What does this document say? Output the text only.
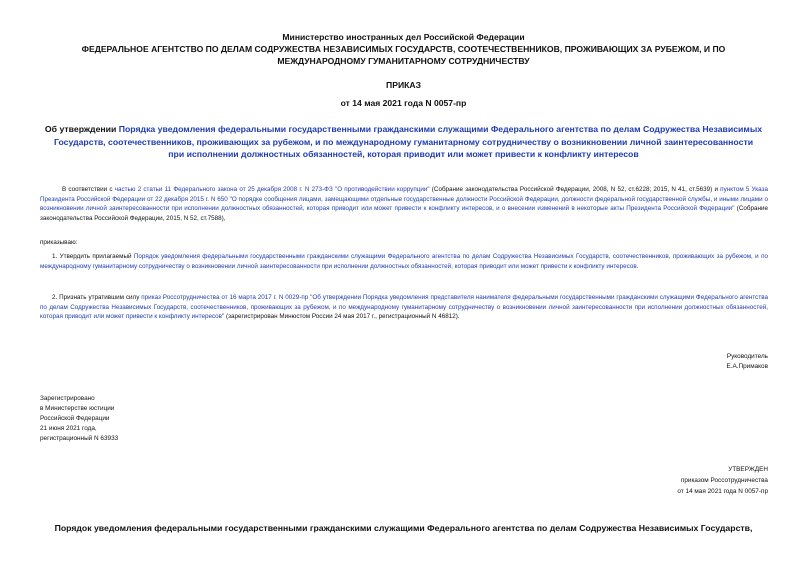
Министерство иностранных дел Российской Федерации
ФЕДЕРАЛЬНОЕ АГЕНТСТВО ПО ДЕЛАМ СОДРУЖЕСТВА НЕЗАВИСИМЫХ ГОСУДАРСТВ, СООТЕЧЕСТВЕННИКОВ, ПРОЖИВАЮЩИХ ЗА РУБЕЖОМ, И ПО
МЕЖДУНАРОДНОМУ ГУМАНИТАРНОМУ СОТРУДНИЧЕСТВУ
ПРИКАЗ
от 14 мая 2021 года N 0057-пр
Об утверждении Порядка уведомления федеральными государственными гражданскими служащими Федерального агентства по делам Содружества Независимых
Государств, соотечественников, проживающих за рубежом, и по международному гуманитарному сотрудничеству о возникновении личной заинтересованности
при исполнении должностных обязанностей, которая приводит или может привести к конфликту интересов
В соответствии с частью 2 статьи 11 Федерального закона от 25 декабря 2008 г. N 273-ФЗ "О противодействии коррупции" (Собрание законодательства Российской Федерации, 2008, N 52, ст.6228; 2015, N 41, ст.5639) и пунктом 5 Указа Президента Российской Федерации от 22 декабря 2015 г. N 650 "О порядке сообщения лицами, замещающими отдельные государственные должности Российской Федерации, должности федеральной государственной службы, и иными лицами о возникновении личной заинтересованности при исполнении должностных обязанностей, которая приводит или может привести к конфликту интересов, и о внесении изменений в некоторые акты Президента Российской Федерации" (Собрание законодательства Российской Федерации, 2015, N 52, ст.7588),
приказываю:
1. Утвердить прилагаемый Порядок уведомления федеральными государственными гражданскими служащими Федерального агентства по делам Содружества Независимых Государств, соотечественников, проживающих за рубежом, и по международному гуманитарному сотрудничеству о возникновении личной заинтересованности при исполнении должностных обязанностей, которая приводит или может привести к конфликту интересов.
2. Признать утратившим силу приказ Россотрудничества от 16 марта 2017 г. N 0029-пр "Об утверждении Порядка уведомления представителя нанимателя федеральными государственными гражданскими служащими Федерального агентства по делам Содружества Независимых Государств, соотечественников, проживающих за рубежом, и по международному гуманитарному сотрудничеству о возникновении личной заинтересованности при исполнении должностных обязанностей, которая приводит или может привести к конфликту интересов" (зарегистрирован Минюстом России 24 мая 2017 г., регистрационный N 46812).
Руководитель
Е.А.Примаков
Зарегистрировано
в Министерстве юстиции
Российской Федерации
21 июня 2021 года,
регистрационный N 63933
УТВЕРЖДЕН
приказом Россотрудничества
от 14 мая 2021 года N 0057-пр
Порядок уведомления федеральными государственными гражданскими служащими Федерального агентства по делам Содружества Независимых Государств,
